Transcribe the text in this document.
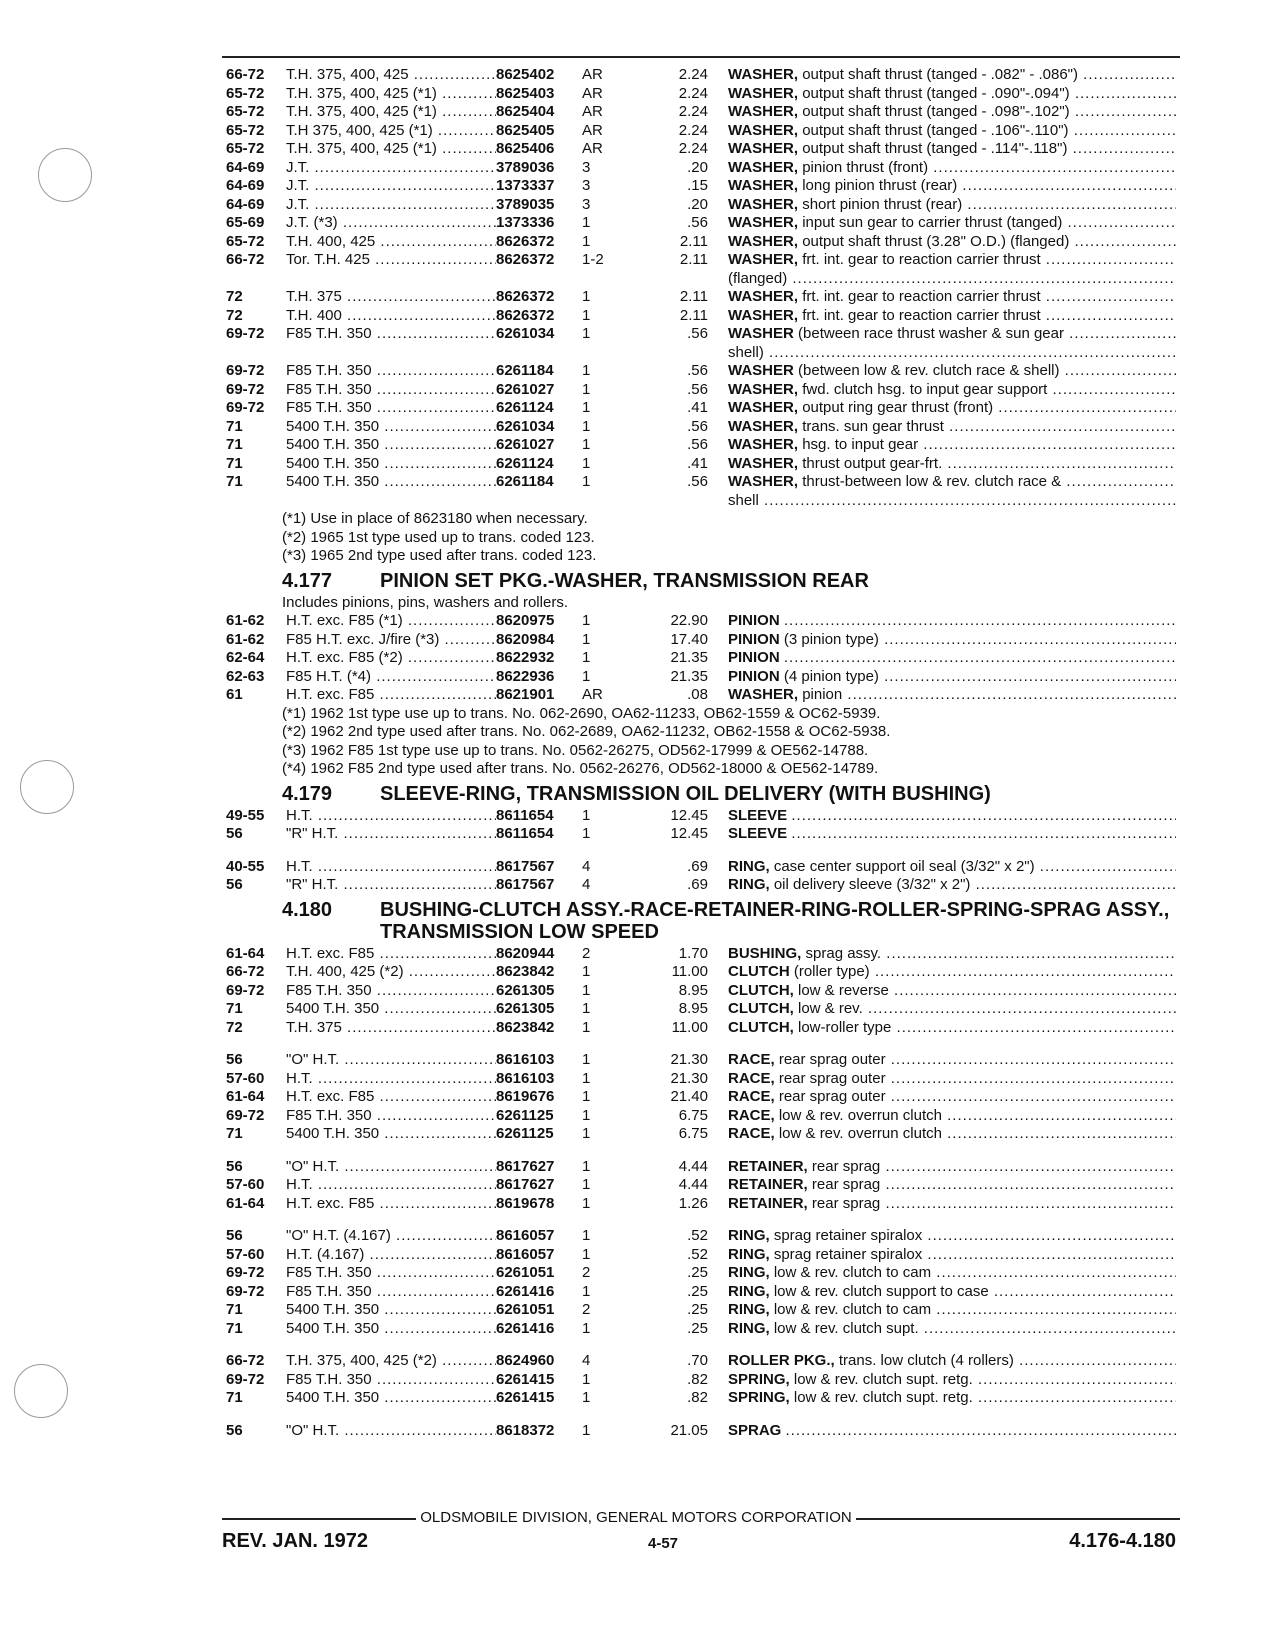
66-72	T.H. 375, 400, 425 .....	8625402	AR	2.24	WASHER, output shaft thrust (tanged - .082" - .086") .....
65-72	T.H. 375, 400, 425 (*1) .....	8625403	AR	2.24	WASHER, output shaft thrust (tanged - .090"-.094") .....
65-72	T.H. 375, 400, 425 (*1) .....	8625404	AR	2.24	WASHER, output shaft thrust (tanged - .098"-.102") .....
65-72	T.H 375, 400, 425 (*1) .....	8625405	AR	2.24	WASHER, output shaft thrust (tanged - .106"-.110") .....
65-72	T.H. 375, 400, 425 (*1) .....	8625406	AR	2.24	WASHER, output shaft thrust (tanged - .114"-.118") .....
64-69	J.T. .....	3789036	3	.20	WASHER, pinion thrust (front) .....
64-69	J.T. .....	1373337	3	.15	WASHER, long pinion thrust (rear) .....
64-69	J.T. .....	3789035	3	.20	WASHER, short pinion thrust (rear) .....
65-69	J.T. (*3) .....	1373336	1	.56	WASHER, input sun gear to carrier thrust (tanged) .....
65-72	T.H. 400, 425 .....	8626372	1	2.11	WASHER, output shaft thrust (3.28" O.D.) (flanged) .....
66-72	Tor. T.H. 425 .....	8626372	1-2	2.11	WASHER, frt. int. gear to reaction carrier thrust .....
(flanged) .....
72	T.H. 375 .....	8626372	1	2.11	WASHER, frt. int. gear to reaction carrier thrust .....
72	T.H. 400 .....	8626372	1	2.11	WASHER, frt. int. gear to reaction carrier thrust .....
69-72	F85 T.H. 350 .....	6261034	1	.56	WASHER (between race thrust washer & sun gear .....
shell) .....
69-72	F85 T.H. 350 .....	6261184	1	.56	WASHER (between low & rev. clutch race & shell) .....
69-72	F85 T.H. 350 .....	6261027	1	.56	WASHER, fwd. clutch hsg. to input gear support .....
69-72	F85 T.H. 350 .....	6261124	1	.41	WASHER, output ring gear thrust (front) .....
71	5400 T.H. 350 .....	6261034	1	.56	WASHER, trans. sun gear thrust .....
71	5400 T.H. 350 .....	6261027	1	.56	WASHER, hsg. to input gear .....
71	5400 T.H. 350 .....	6261124	1	.41	WASHER, thrust output gear-frt. .....
71	5400 T.H. 350 .....	6261184	1	.56	WASHER, thrust-between low & rev. clutch race & .....
shell .....
(*1) Use in place of 8623180 when necessary.
(*2) 1965 1st type used up to trans. coded 123.
(*3) 1965 2nd type used after trans. coded 123.
4.177	PINION SET PKG.-WASHER, TRANSMISSION REAR
Includes pinions, pins, washers and rollers.
61-62	H.T. exc. F85 (*1) .....	8620975	1	22.90	PINION .....
61-62	F85 H.T. exc. J/fire (*3) .....	8620984	1	17.40	PINION (3 pinion type) .....
62-64	H.T. exc. F85 (*2) .....	8622932	1	21.35	PINION .....
62-63	F85 H.T. (*4) .....	8622936	1	21.35	PINION (4 pinion type) .....
61	H.T. exc. F85 .....	8621901	AR	.08	WASHER, pinion .....
(*1) 1962 1st type use up to trans. No. 062-2690, OA62-11233, OB62-1559 & OC62-5939.
(*2) 1962 2nd type used after trans. No. 062-2689, OA62-11232, OB62-1558 & OC62-5938.
(*3) 1962 F85 1st type use up to trans. No. 0562-26275, OD562-17999 & OE562-14788.
(*4) 1962 F85 2nd type used after trans. No. 0562-26276, OD562-18000 & OE562-14789.
4.179	SLEEVE-RING, TRANSMISSION OIL DELIVERY (WITH BUSHING)
49-55	H.T. .....	8611654	1	12.45	SLEEVE .....
56	"R" H.T. .....	8611654	1	12.45	SLEEVE .....
40-55	H.T. .....	8617567	4	.69	RING, case center support oil seal (3/32" x 2") .....
56	"R" H.T. .....	8617567	4	.69	RING, oil delivery sleeve (3/32" x 2") .....
4.180	BUSHING-CLUTCH ASSY.-RACE-RETAINER-RING-ROLLER-SPRING-SPRAG ASSY., TRANSMISSION LOW SPEED
61-64	H.T. exc. F85 .....	8620944	2	1.70	BUSHING, sprag assy. .....
66-72	T.H. 400, 425 (*2) .....	8623842	1	11.00	CLUTCH (roller type) .....
69-72	F85 T.H. 350 .....	6261305	1	8.95	CLUTCH, low & reverse .....
71	5400 T.H. 350 .....	6261305	1	8.95	CLUTCH, low & rev. .....
72	T.H. 375 .....	8623842	1	11.00	CLUTCH, low-roller type .....
56	"O" H.T. .....	8616103	1	21.30	RACE, rear sprag outer .....
57-60	H.T. .....	8616103	1	21.30	RACE, rear sprag outer .....
61-64	H.T. exc. F85 .....	8619676	1	21.40	RACE, rear sprag outer .....
69-72	F85 T.H. 350 .....	6261125	1	6.75	RACE, low & rev. overrun clutch .....
71	5400 T.H. 350 .....	6261125	1	6.75	RACE, low & rev. overrun clutch .....
56	"O" H.T. .....	8617627	1	4.44	RETAINER, rear sprag .....
57-60	H.T. .....	8617627	1	4.44	RETAINER, rear sprag .....
61-64	H.T. exc. F85 .....	8619678	1	1.26	RETAINER, rear sprag .....
56	"O" H.T. (4.167) .....	8616057	1	.52	RING, sprag retainer spiralox .....
57-60	H.T. (4.167) .....	8616057	1	.52	RING, sprag retainer spiralox .....
69-72	F85 T.H. 350 .....	6261051	2	.25	RING, low & rev. clutch to cam .....
69-72	F85 T.H. 350 .....	6261416	1	.25	RING, low & rev. clutch support to case .....
71	5400 T.H. 350 .....	6261051	2	.25	RING, low & rev. clutch to cam .....
71	5400 T.H. 350 .....	6261416	1	.25	RING, low & rev. clutch supt. .....
66-72	T.H. 375, 400, 425 (*2) .....	8624960	4	.70	ROLLER PKG., trans. low clutch (4 rollers) .....
69-72	F85 T.H. 350 .....	6261415	1	.82	SPRING, low & rev. clutch supt. retg. .....
71	5400 T.H. 350 .....	6261415	1	.82	SPRING, low & rev. clutch supt. retg. .....
56	"O" H.T. .....	8618372	1	21.05	SPRAG .....
OLDSMOBILE DIVISION, GENERAL MOTORS CORPORATION
REV. JAN. 1972	4-57	4.176-4.180
